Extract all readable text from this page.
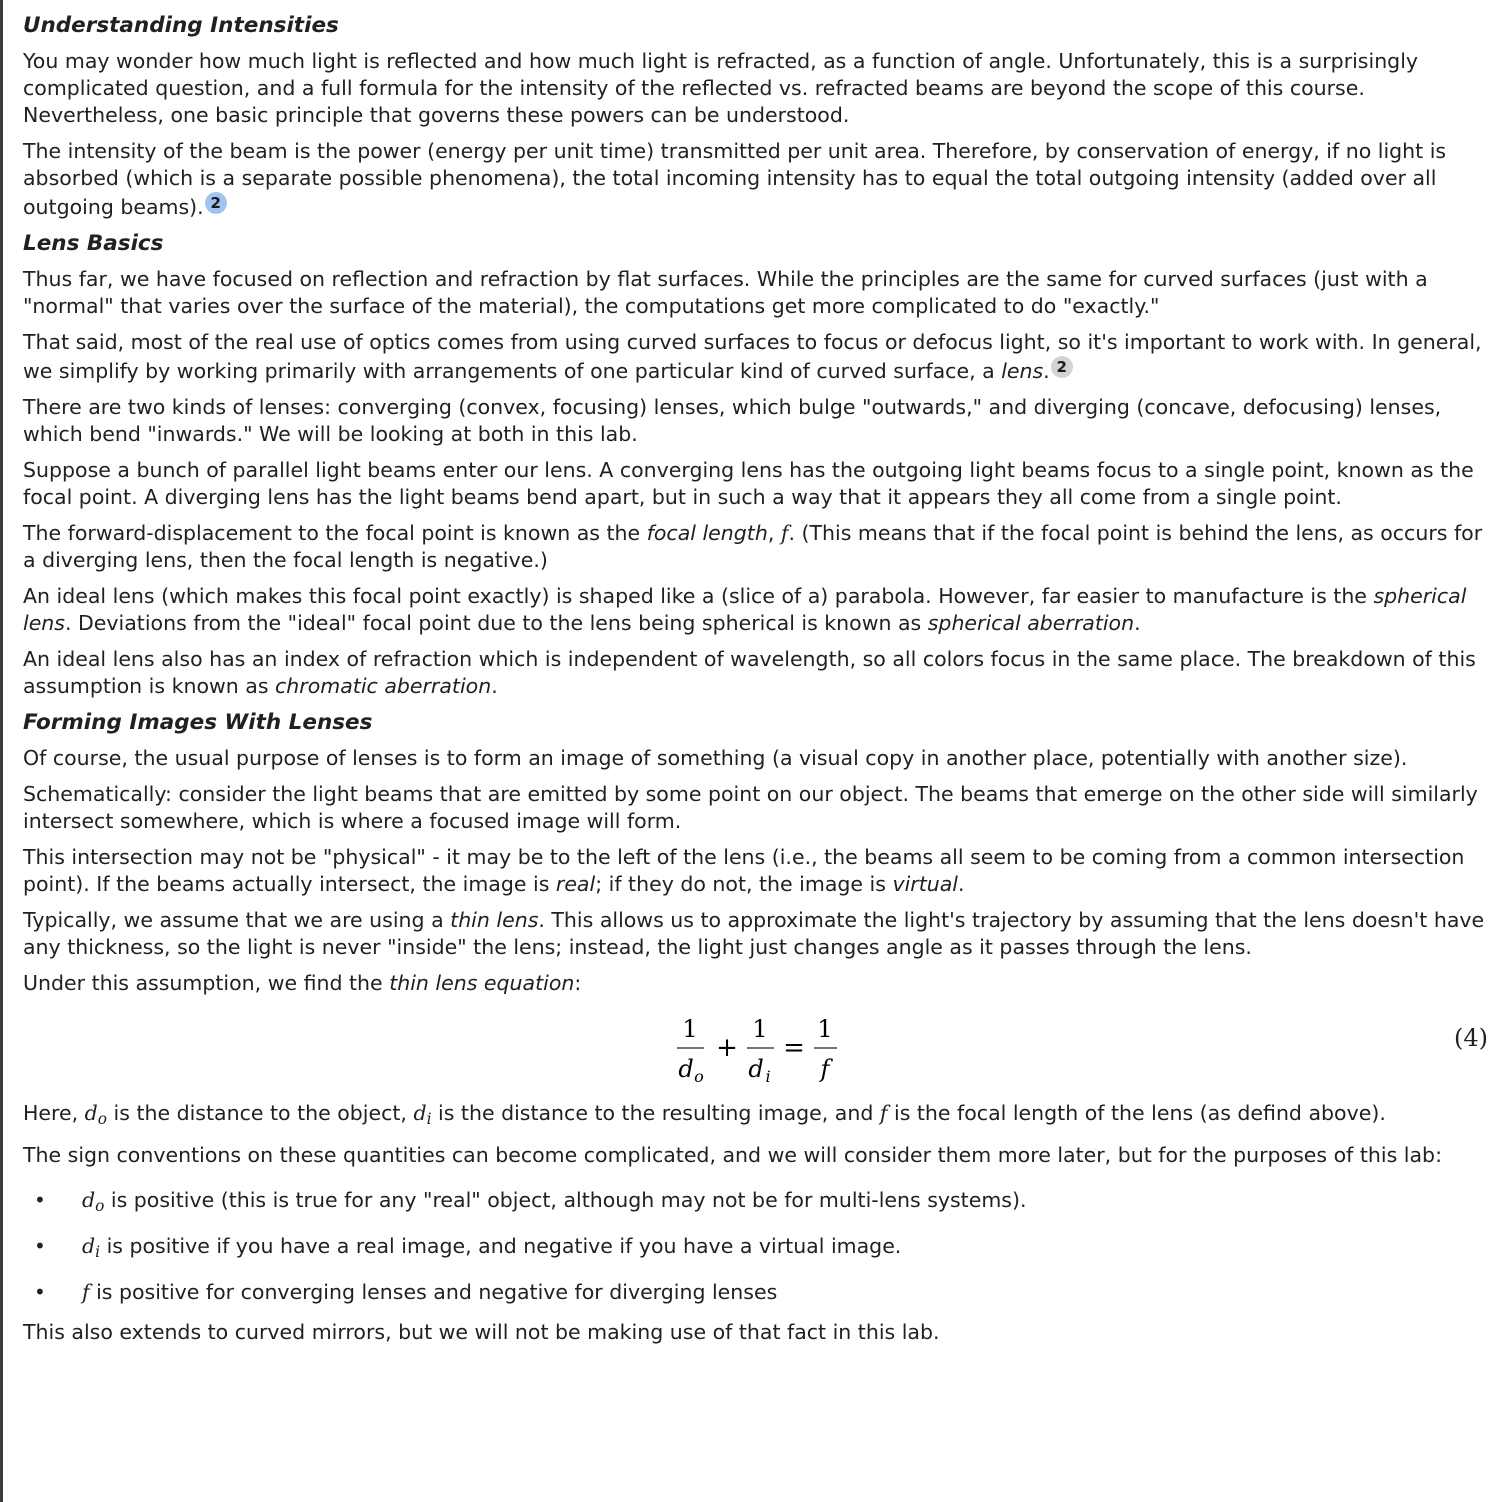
Understanding Intensities
You may wonder how much light is reflected and how much light is refracted, as a function of angle. Unfortunately, this is a surprisingly complicated question, and a full formula for the intensity of the reflected vs. refracted beams are beyond the scope of this course. Nevertheless, one basic principle that governs these powers can be understood.
The intensity of the beam is the power (energy per unit time) transmitted per unit area. Therefore, by conservation of energy, if no light is absorbed (which is a separate possible phenomena), the total incoming intensity has to equal the total outgoing intensity (added over all outgoing beams). 2
Lens Basics
Thus far, we have focused on reflection and refraction by flat surfaces. While the principles are the same for curved surfaces (just with a "normal" that varies over the surface of the material), the computations get more complicated to do "exactly."
That said, most of the real use of optics comes from using curved surfaces to focus or defocus light, so it's important to work with. In general, we simplify by working primarily with arrangements of one particular kind of curved surface, a lens. 2
There are two kinds of lenses: converging (convex, focusing) lenses, which bulge "outwards," and diverging (concave, defocusing) lenses, which bend "inwards." We will be looking at both in this lab.
Suppose a bunch of parallel light beams enter our lens. A converging lens has the outgoing light beams focus to a single point, known as the focal point. A diverging lens has the light beams bend apart, but in such a way that it appears they all come from a single point.
The forward-displacement to the focal point is known as the focal length, f. (This means that if the focal point is behind the lens, as occurs for a diverging lens, then the focal length is negative.)
An ideal lens (which makes this focal point exactly) is shaped like a (slice of a) parabola. However, far easier to manufacture is the spherical lens. Deviations from the "ideal" focal point due to the lens being spherical is known as spherical aberration.
An ideal lens also has an index of refraction which is independent of wavelength, so all colors focus in the same place. The breakdown of this assumption is known as chromatic aberration.
Forming Images With Lenses
Of course, the usual purpose of lenses is to form an image of something (a visual copy in another place, potentially with another size).
Schematically: consider the light beams that are emitted by some point on our object. The beams that emerge on the other side will similarly intersect somewhere, which is where a focused image will form.
This intersection may not be "physical" - it may be to the left of the lens (i.e., the beams all seem to be coming from a common intersection point). If the beams actually intersect, the image is real; if they do not, the image is virtual.
Typically, we assume that we are using a thin lens. This allows us to approximate the light's trajectory by assuming that the lens doesn't have any thickness, so the light is never "inside" the lens; instead, the light just changes angle as it passes through the lens.
Under this assumption, we find the thin lens equation:
1
d o
+
1
d i
=
1
f
(4)
Here, $d_o$ is the distance to the object, $d_i$ is the distance to the resulting image, and f is the focal length of the lens (as defind above).
The sign conventions on these quantities can become complicated, and we will consider them more later, but for the purposes of this lab:
• $d_o$ is positive (this is true for any "real" object, although may not be for multi-lens systems).
• $d_i$ is positive if you have a real image, and negative if you have a virtual image.
• f is positive for converging lenses and negative for diverging lenses
This also extends to curved mirrors, but we will not be making use of that fact in this lab.
